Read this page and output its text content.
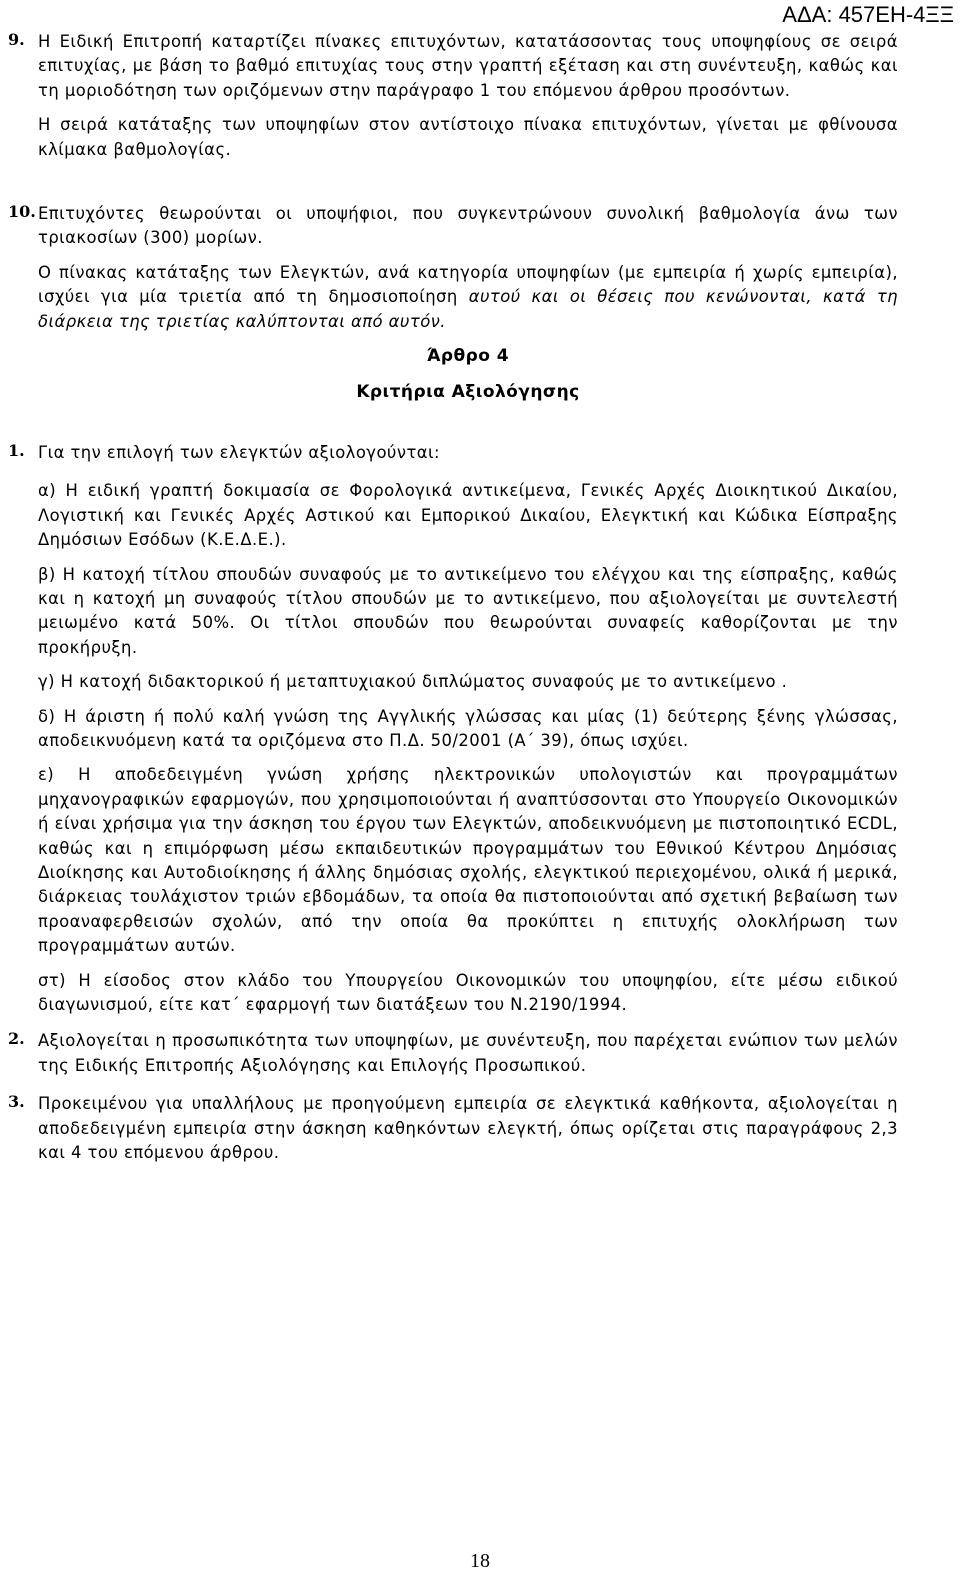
ΑΔΑ: 457ΕΗ-4ΞΞ
9. Η Ειδική Επιτροπή καταρτίζει πίνακες επιτυχόντων, κατατάσσοντας τους υποψηφίους σε σειρά επιτυχίας, με βάση το βαθμό επιτυχίας τους στην γραπτή εξέταση και στη συνέντευξη, καθώς και τη μοριοδότηση των οριζόμενων στην παράγραφο 1 του επόμενου άρθρου προσόντων.

Η σειρά κατάταξης των υποψηφίων στον αντίστοιχο πίνακα επιτυχόντων, γίνεται με φθίνουσα κλίμακα βαθμολογίας.

10. Επιτυχόντες θεωρούνται οι υποψήφιοι, που συγκεντρώνουν συνολική βαθμολογία άνω των τριακοσίων (300) μορίων.

Ο πίνακας κατάταξης των Ελεγκτών, ανά κατηγορία υποψηφίων (με εμπειρία ή χωρίς εμπειρία), ισχύει για μία τριετία από τη δημοσιοποίηση αυτού και οι θέσεις που κενώνονται, κατά τη διάρκεια της τριετίας καλύπτονται από αυτόν.

Άρθρο 4

Κριτήρια Αξιολόγησης

1. Για την επιλογή των ελεγκτών αξιολογούνται:

α) Η ειδική γραπτή δοκιμασία σε Φορολογικά αντικείμενα, Γενικές Αρχές Διοικητικού Δικαίου, Λογιστική και Γενικές Αρχές Αστικού και Εμπορικού Δικαίου, Ελεγκτική και Κώδικα Είσπραξης Δημόσιων Εσόδων (Κ.Ε.Δ.Ε.).

β) Η κατοχή τίτλου σπουδών συναφούς με το αντικείμενο του ελέγχου και της είσπραξης, καθώς και η κατοχή μη συναφούς τίτλου σπουδών με το αντικείμενο, που αξιολογείται με συντελεστή μειωμένο κατά 50%. Οι τίτλοι σπουδών που θεωρούνται συναφείς καθορίζονται με την προκήρυξη.

γ) Η κατοχή διδακτορικού ή μεταπτυχιακού διπλώματος συναφούς με το αντικείμενο .

δ) Η άριστη ή πολύ καλή γνώση της Αγγλικής γλώσσας και μίας (1) δεύτερης ξένης γλώσσας, αποδεικνυόμενη κατά τα οριζόμενα στο Π.Δ. 50/2001 (Α΄ 39), όπως ισχύει.

ε) Η αποδεδειγμένη γνώση χρήσης ηλεκτρονικών υπολογιστών και προγραμμάτων μηχανογραφικών εφαρμογών, που χρησιμοποιούνται ή αναπτύσσονται στο Υπουργείο Οικονομικών ή είναι χρήσιμα για την άσκηση του έργου των Ελεγκτών, αποδεικνυόμενη με πιστοποιητικό ECDL, καθώς και η επιμόρφωση μέσω εκπαιδευτικών προγραμμάτων του Εθνικού Κέντρου Δημόσιας Διοίκησης και Αυτοδιοίκησης ή άλλης δημόσιας σχολής, ελεγκτικού περιεχομένου, ολικά ή μερικά, διάρκειας τουλάχιστον τριών εβδομάδων, τα οποία θα πιστοποιούνται από σχετική βεβαίωση των προαναφερθεισών σχολών, από την οποία θα προκύπτει η επιτυχής ολοκλήρωση των προγραμμάτων αυτών.

στ) Η είσοδος στον κλάδο του Υπουργείου Οικονομικών του υποψηφίου, είτε μέσω ειδικού διαγωνισμού, είτε κατ΄ εφαρμογή των διατάξεων του Ν.2190/1994.

2. Αξιολογείται η προσωπικότητα των υποψηφίων, με συνέντευξη, που παρέχεται ενώπιον των μελών της Ειδικής Επιτροπής Αξιολόγησης και Επιλογής Προσωπικού.

3. Προκειμένου για υπαλλήλους με προηγούμενη εμπειρία σε ελεγκτικά καθήκοντα, αξιολογείται η αποδεδειγμένη εμπειρία στην άσκηση καθηκόντων ελεγκτή, όπως ορίζεται στις παραγράφους 2,3 και 4 του επόμενου άρθρου.

18
